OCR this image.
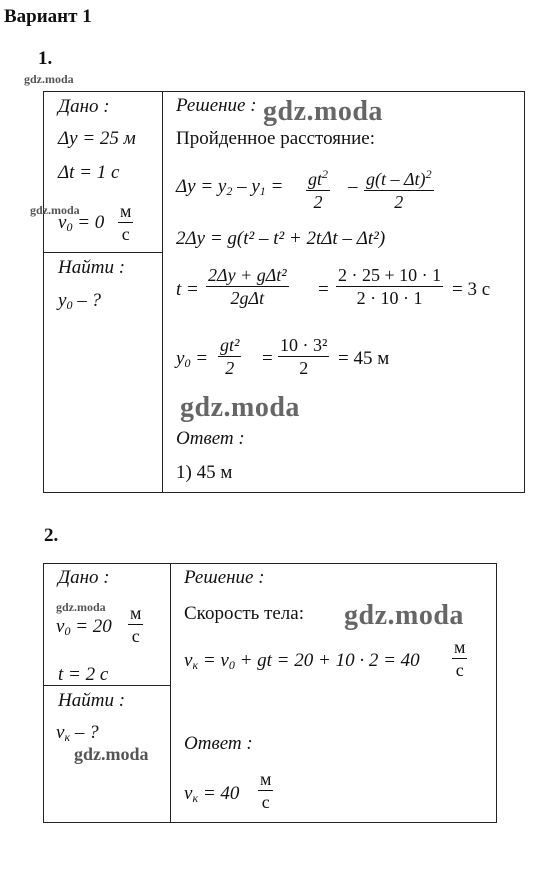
Вариант 1
1.
gdz.moda
Дано :
Δy = 25 м
Δt = 1 с
gdz.moda
$v_0 = 0$
м
с
Найти :
$y_0$ – ?
Решение : gdz.moda
Пройденное расстояние:
$\Delta y = y_2 - y_1 = \frac{gt^2}{2} - \frac{g(t - \Delta t)^2}{2}$
2Δy = g(t² – t² + 2tΔt – Δt²)
t =
2Δy + gΔt²
2gΔt	= $\frac{2 \cdot 25 + 10 \cdot 1}{2 \cdot 10 \cdot 1} = 3$ с
$y_0 = \frac{\text{gt²}}{2} = \frac{\text{10 · 3²}}{2} = 45$ м
gdz.moda
Ответ :
1) 45 м
2.
Дано :
gdz.moda
$v_0 = 20$
м
с
t = 2 с
Найти :
$v_к$ – ?
gdz.moda
Решение :
Скорость тела: gdz.moda
$v_к = v_0$ + gt = 20 + 10 · 2 = 40
м
с
Ответ :
$v_к = 40$
м
с
